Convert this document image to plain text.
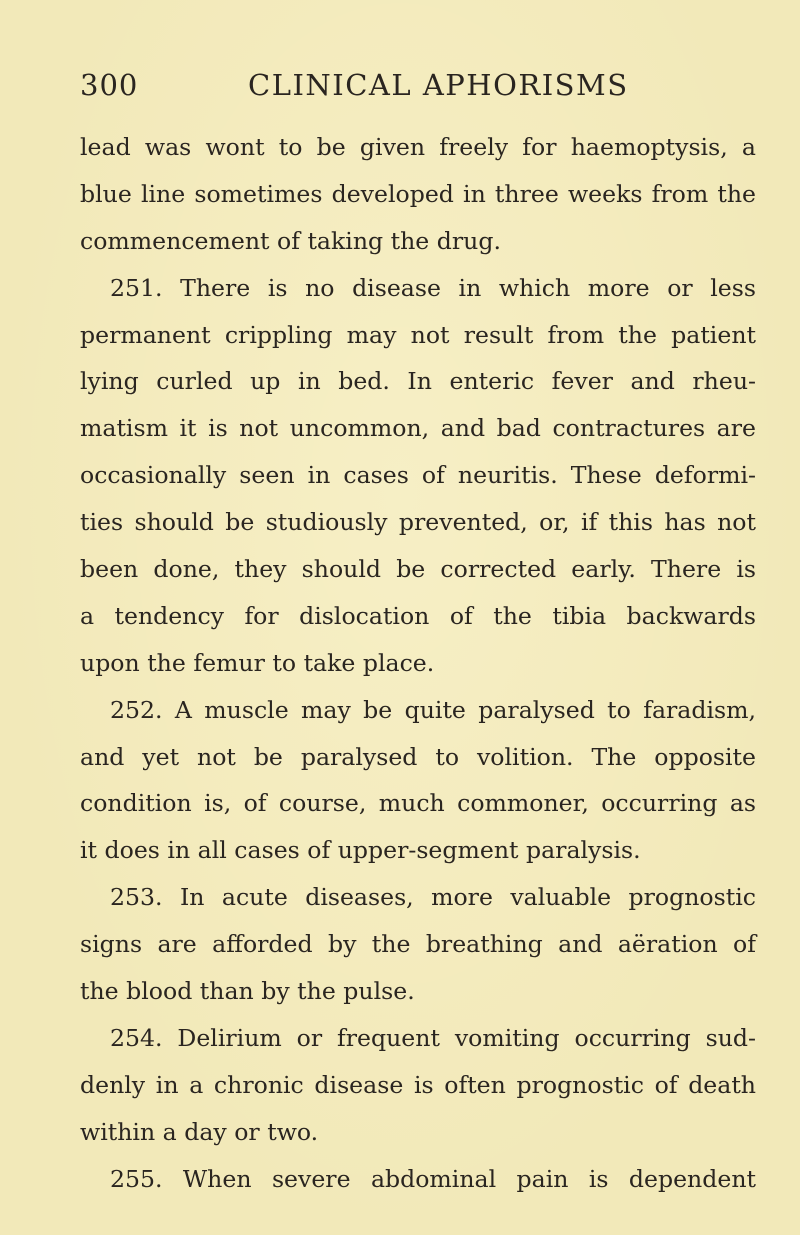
300	CLINICAL APHORISMS
lead was wont to be given freely for haemoptysis, a
blue line sometimes developed in three weeks from the
commencement of taking the drug.
251. There is no disease in which more or less
permanent crippling may not result from the patient
lying curled up in bed. In enteric fever and rheu-
matism it is not uncommon, and bad contractures are
occasionally seen in cases of neuritis. These deformi-
ties should be studiously prevented, or, if this has not
been done, they should be corrected early. There is
a tendency for dislocation of the tibia backwards
upon the femur to take place.
252. A muscle may be quite paralysed to faradism,
and yet not be paralysed to volition. The opposite
condition is, of course, much commoner, occurring as
it does in all cases of upper-segment paralysis.
253. In acute diseases, more valuable prognostic
signs are afforded by the breathing and aëration of
the blood than by the pulse.
254. Delirium or frequent vomiting occurring sud-
denly in a chronic disease is often prognostic of death
within a day or two.
255. When severe abdominal pain is dependent
